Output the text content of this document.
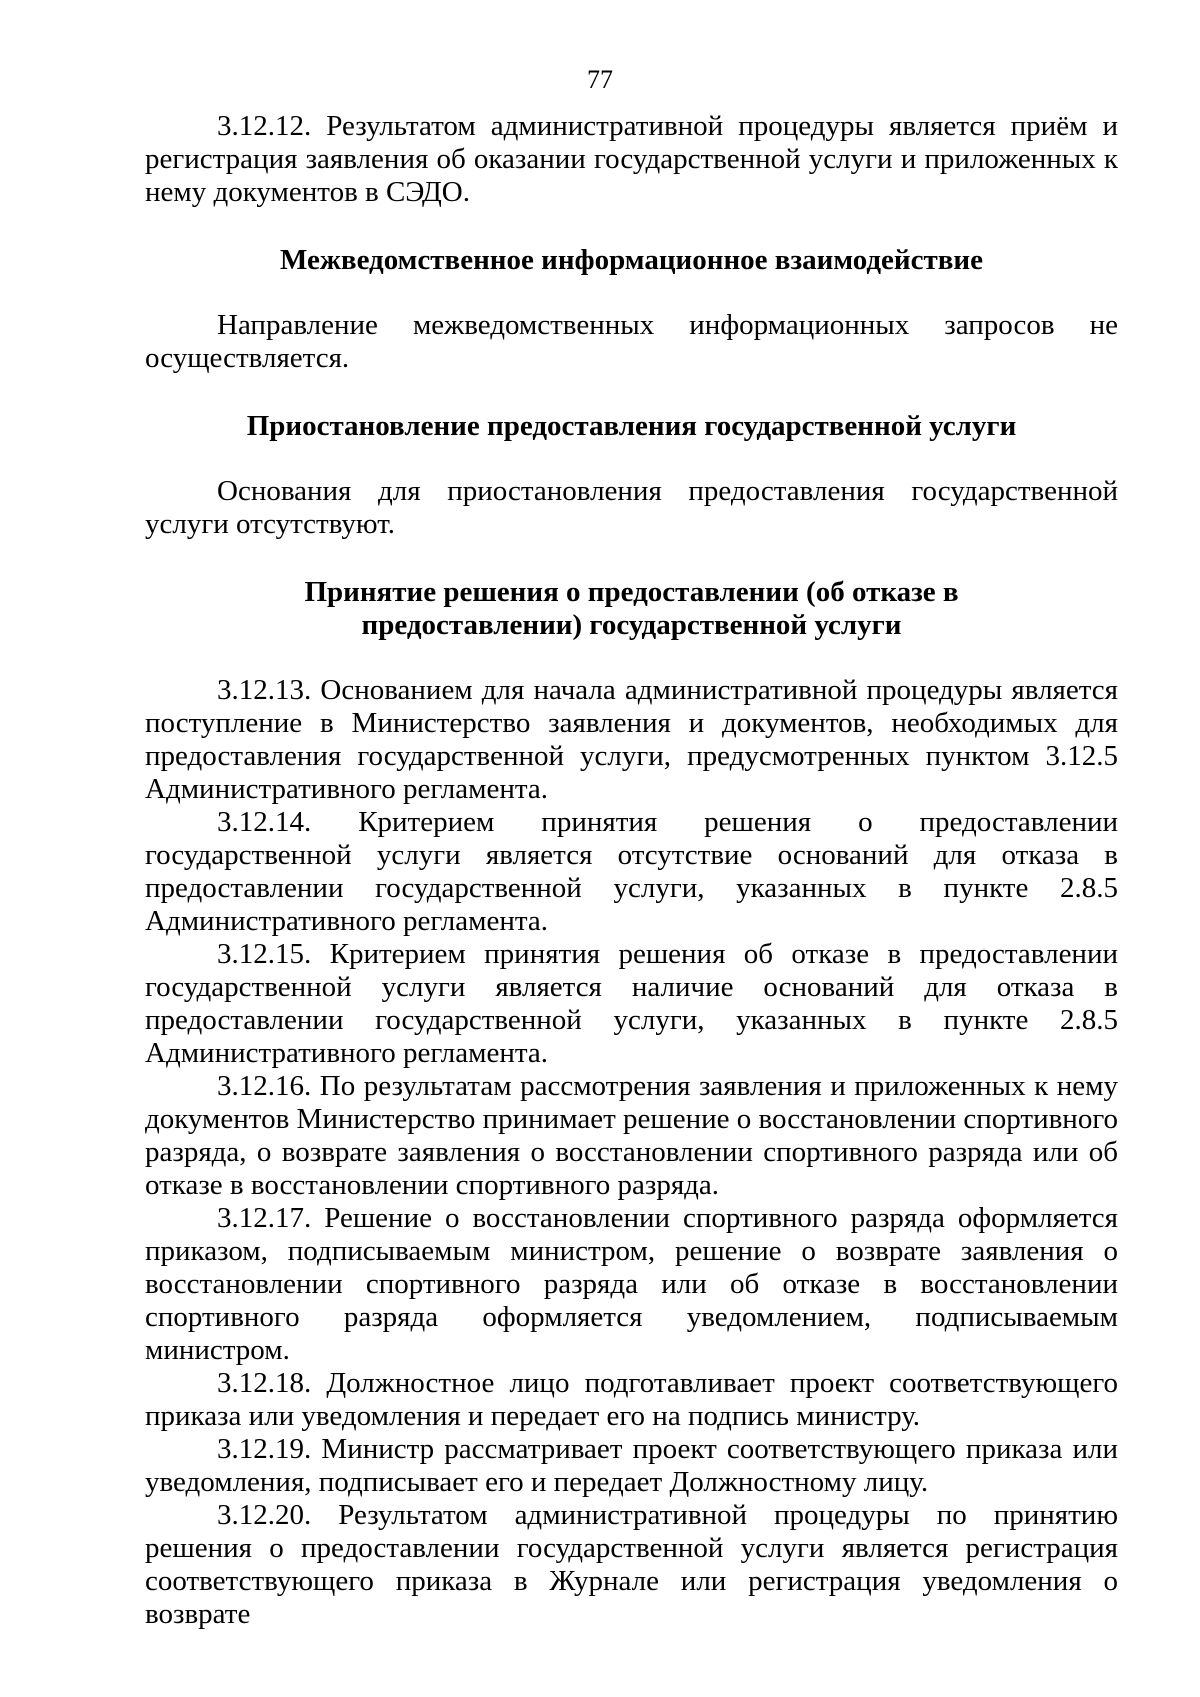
77

3.12.12. Результатом административной процедуры является приём и регистрация заявления об оказании государственной услуги и приложенных к нему документов в СЭДО.

Межведомственное информационное взаимодействие

Направление межведомственных информационных запросов не осуществляется.

Приостановление предоставления государственной услуги

Основания для приостановления предоставления государственной услуги отсутствуют.

Принятие решения о предоставлении (об отказе в предоставлении) государственной услуги

3.12.13. Основанием для начала административной процедуры является поступление в Министерство заявления и документов, необходимых для предоставления государственной услуги, предусмотренных пунктом 3.12.5 Административного регламента.

3.12.14. Критерием принятия решения о предоставлении государственной услуги является отсутствие оснований для отказа в предоставлении государственной услуги, указанных в пункте 2.8.5 Административного регламента.

3.12.15. Критерием принятия решения об отказе в предоставлении государственной услуги является наличие оснований для отказа в предоставлении государственной услуги, указанных в пункте 2.8.5 Административного регламента.

3.12.16. По результатам рассмотрения заявления и приложенных к нему документов Министерство принимает решение о восстановлении спортивного разряда, о возврате заявления о восстановлении спортивного разряда или об отказе в восстановлении спортивного разряда.

3.12.17. Решение о восстановлении спортивного разряда оформляется приказом, подписываемым министром, решение о возврате заявления о восстановлении спортивного разряда или об отказе в восстановлении спортивного разряда оформляется уведомлением, подписываемым министром.

3.12.18. Должностное лицо подготавливает проект соответствующего приказа или уведомления и передает его на подпись министру.

3.12.19. Министр рассматривает проект соответствующего приказа или уведомления, подписывает его и передает Должностному лицу.

3.12.20. Результатом административной процедуры по принятию решения о предоставлении государственной услуги является регистрация соответствующего приказа в Журнале или регистрация уведомления о возврате
